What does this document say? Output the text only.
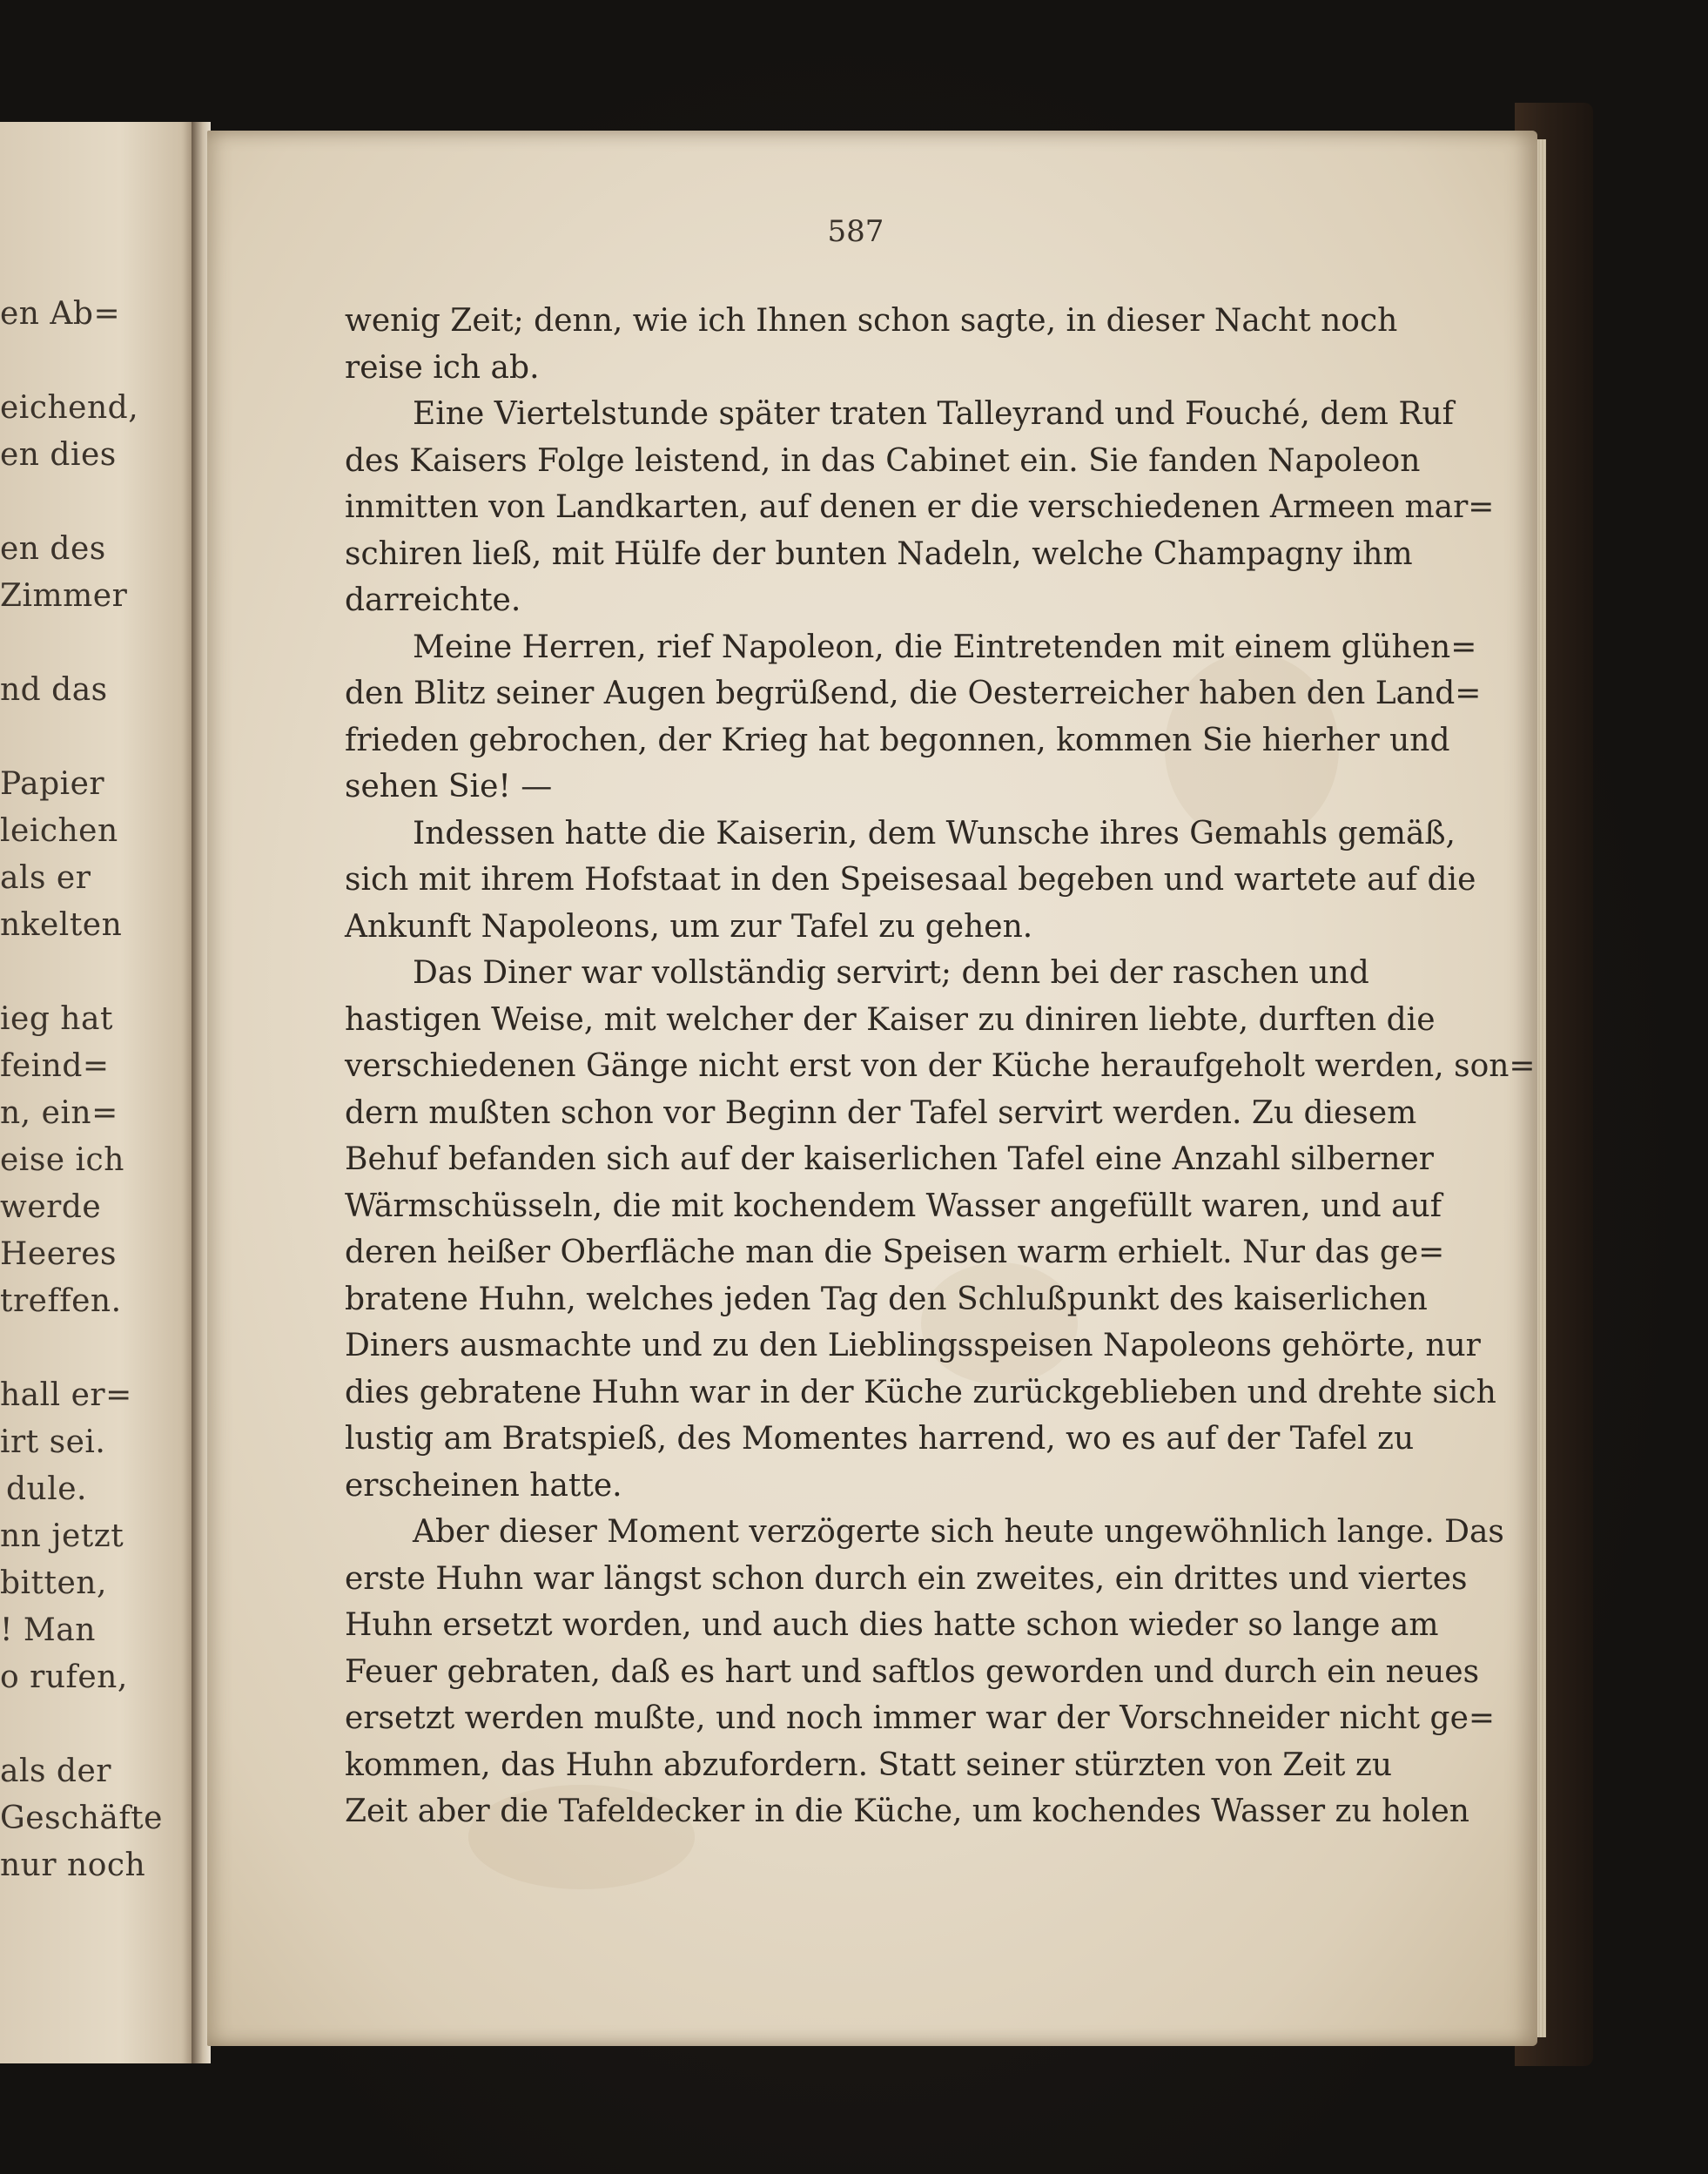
en Ab=
eichend,
en dies
en des
Zimmer
nd das
Papier
leichen
als er
nkelten
ieg hat
feind=
n, ein=
eise ich
werde
Heeres
treffen.
hall er=
irt sei.
dule.
nn jetzt
bitten,
! Man
o rufen,
als der
Geschäfte
nur noch
587
wenig Zeit; denn, wie ich Ihnen schon sagte, in dieser Nacht noch
reise ich ab.
Eine Viertelstunde später traten Talleyrand und Fouché, dem Ruf
des Kaisers Folge leistend, in das Cabinet ein. Sie fanden Napoleon
inmitten von Landkarten, auf denen er die verschiedenen Armeen mar=
schiren ließ, mit Hülfe der bunten Nadeln, welche Champagny ihm
darreichte.
Meine Herren, rief Napoleon, die Eintretenden mit einem glühen=
den Blitz seiner Augen begrüßend, die Oesterreicher haben den Land=
frieden gebrochen, der Krieg hat begonnen, kommen Sie hierher und
sehen Sie! —
Indessen hatte die Kaiserin, dem Wunsche ihres Gemahls gemäß,
sich mit ihrem Hofstaat in den Speisesaal begeben und wartete auf die
Ankunft Napoleons, um zur Tafel zu gehen.
Das Diner war vollständig servirt; denn bei der raschen und
hastigen Weise, mit welcher der Kaiser zu diniren liebte, durften die
verschiedenen Gänge nicht erst von der Küche heraufgeholt werden, son=
dern mußten schon vor Beginn der Tafel servirt werden. Zu diesem
Behuf befanden sich auf der kaiserlichen Tafel eine Anzahl silberner
Wärmschüsseln, die mit kochendem Wasser angefüllt waren, und auf
deren heißer Oberfläche man die Speisen warm erhielt. Nur das ge=
bratene Huhn, welches jeden Tag den Schlußpunkt des kaiserlichen
Diners ausmachte und zu den Lieblingsspeisen Napoleons gehörte, nur
dies gebratene Huhn war in der Küche zurückgeblieben und drehte sich
lustig am Bratspieß, des Momentes harrend, wo es auf der Tafel zu
erscheinen hatte.
Aber dieser Moment verzögerte sich heute ungewöhnlich lange. Das
erste Huhn war längst schon durch ein zweites, ein drittes und viertes
Huhn ersetzt worden, und auch dies hatte schon wieder so lange am
Feuer gebraten, daß es hart und saftlos geworden und durch ein neues
ersetzt werden mußte, und noch immer war der Vorschneider nicht ge=
kommen, das Huhn abzufordern. Statt seiner stürzten von Zeit zu
Zeit aber die Tafeldecker in die Küche, um kochendes Wasser zu holen
